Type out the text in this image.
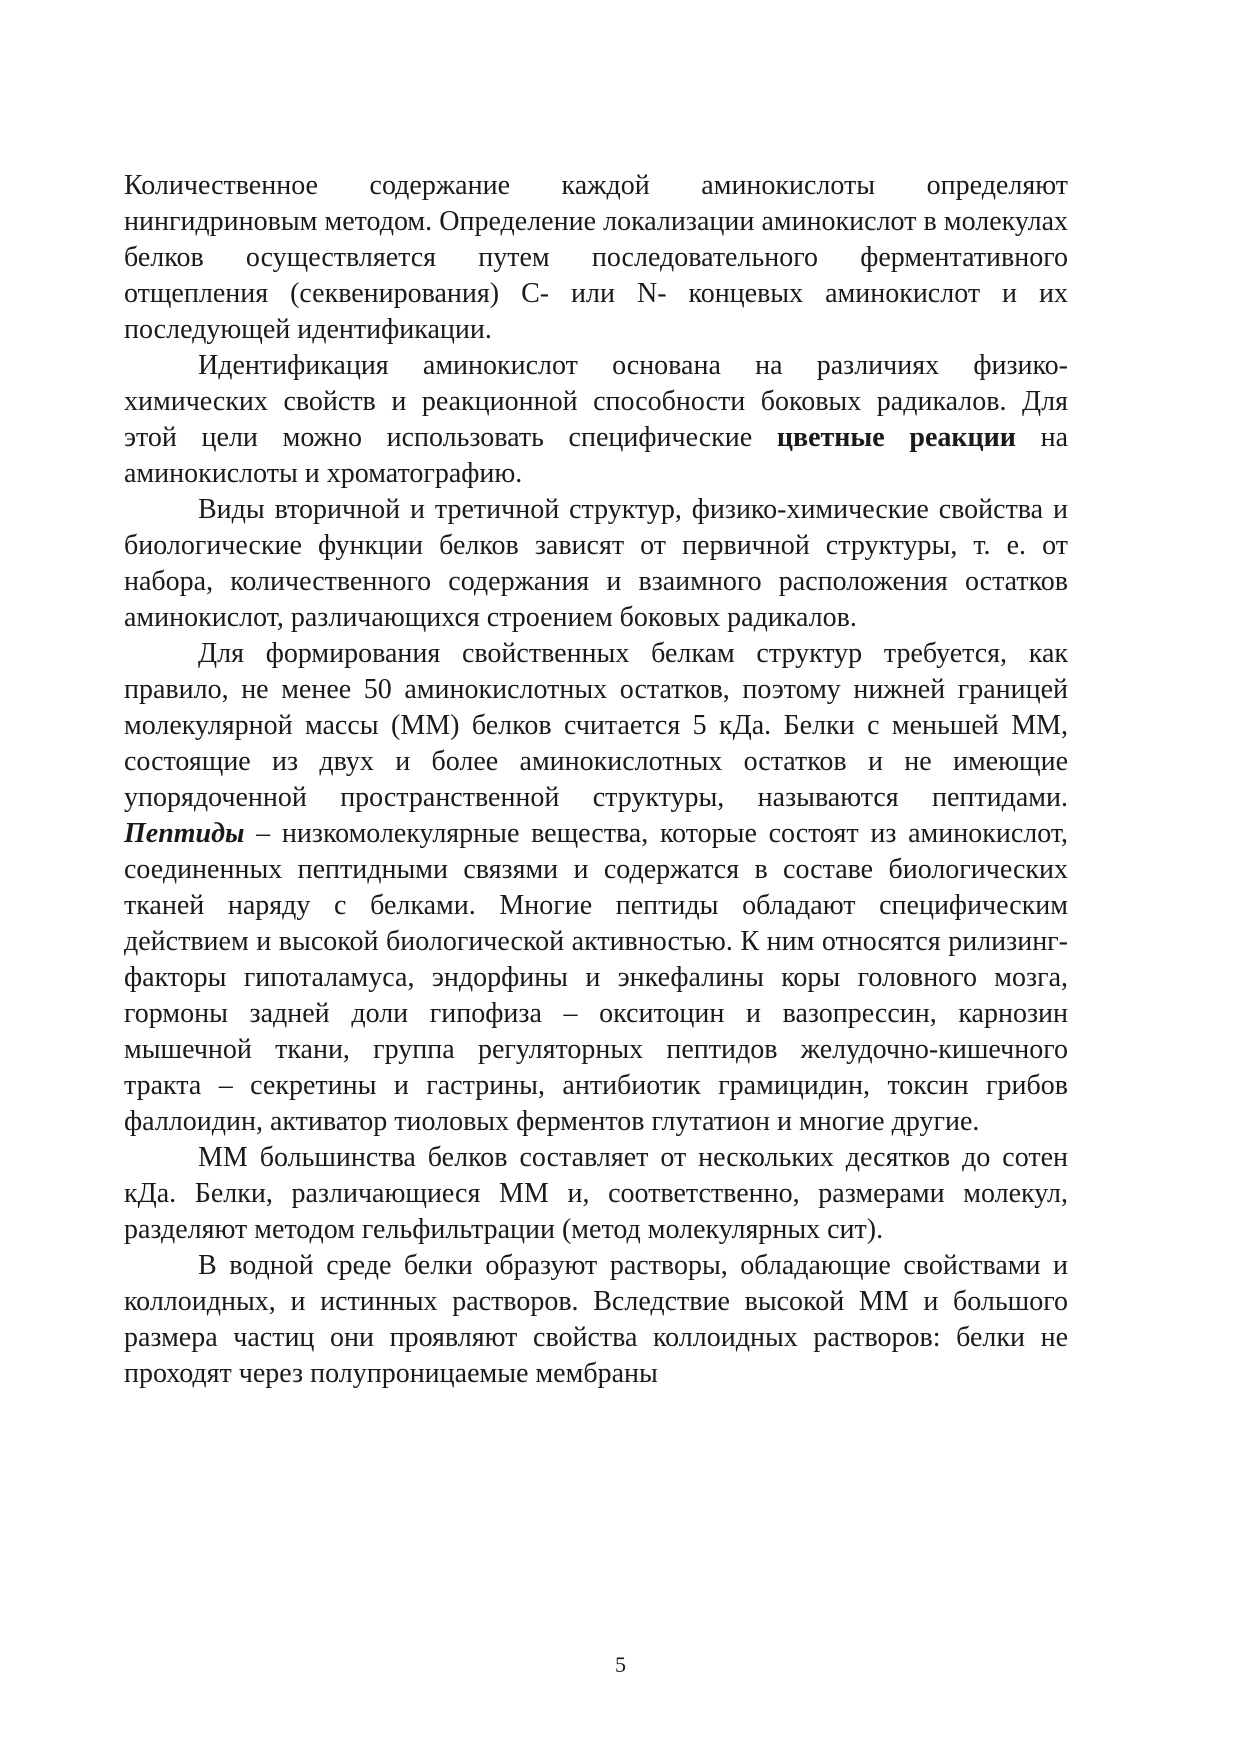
Количественное содержание каждой аминокислоты определяют нингидриновым методом. Определение локализации аминокислот в молекулах белков осуществляется путем последовательного ферментативного отщепления (секвенирования) С- или N- концевых аминокислот и их последующей идентификации.

Идентификация аминокислот основана на различиях физико-химических свойств и реакционной способности боковых радикалов. Для этой цели можно использовать специфические цветные реакции на аминокислоты и хроматографию.

Виды вторичной и третичной структур, физико-химические свойства и биологические функции белков зависят от первичной структуры, т. е. от набора, количественного содержания и взаимного расположения остатков аминокислот, различающихся строением боковых радикалов.

Для формирования свойственных белкам структур требуется, как правило, не менее 50 аминокислотных остатков, поэтому нижней границей молекулярной массы (ММ) белков считается 5 кДа. Белки с меньшей ММ, состоящие из двух и более аминокислотных остатков и не имеющие упорядоченной пространственной структуры, называются пептидами. Пептиды – низкомолекулярные вещества, которые состоят из аминокислот, соединенных пептидными связями и содержатся в составе биологических тканей наряду с белками. Многие пептиды обладают специфическим действием и высокой биологической активностью. К ним относятся рилизинг-факторы гипоталамуса, эндорфины и энкефалины коры головного мозга, гормоны задней доли гипофиза – окситоцин и вазопрессин, карнозин мышечной ткани, группа регуляторных пептидов желудочно-кишечного тракта – секретины и гастрины, антибиотик грамицидин, токсин грибов фаллоидин, активатор тиоловых ферментов глутатион и многие другие.

ММ большинства белков составляет от нескольких десятков до сотен кДа. Белки, различающиеся ММ и, соответственно, размерами молекул, разделяют методом гельфильтрации (метод молекулярных сит).

В водной среде белки образуют растворы, обладающие свойствами и коллоидных, и истинных растворов. Вследствие высокой ММ и большого размера частиц они проявляют свойства коллоидных растворов: белки не проходят через полупроницаемые мембраны

5
